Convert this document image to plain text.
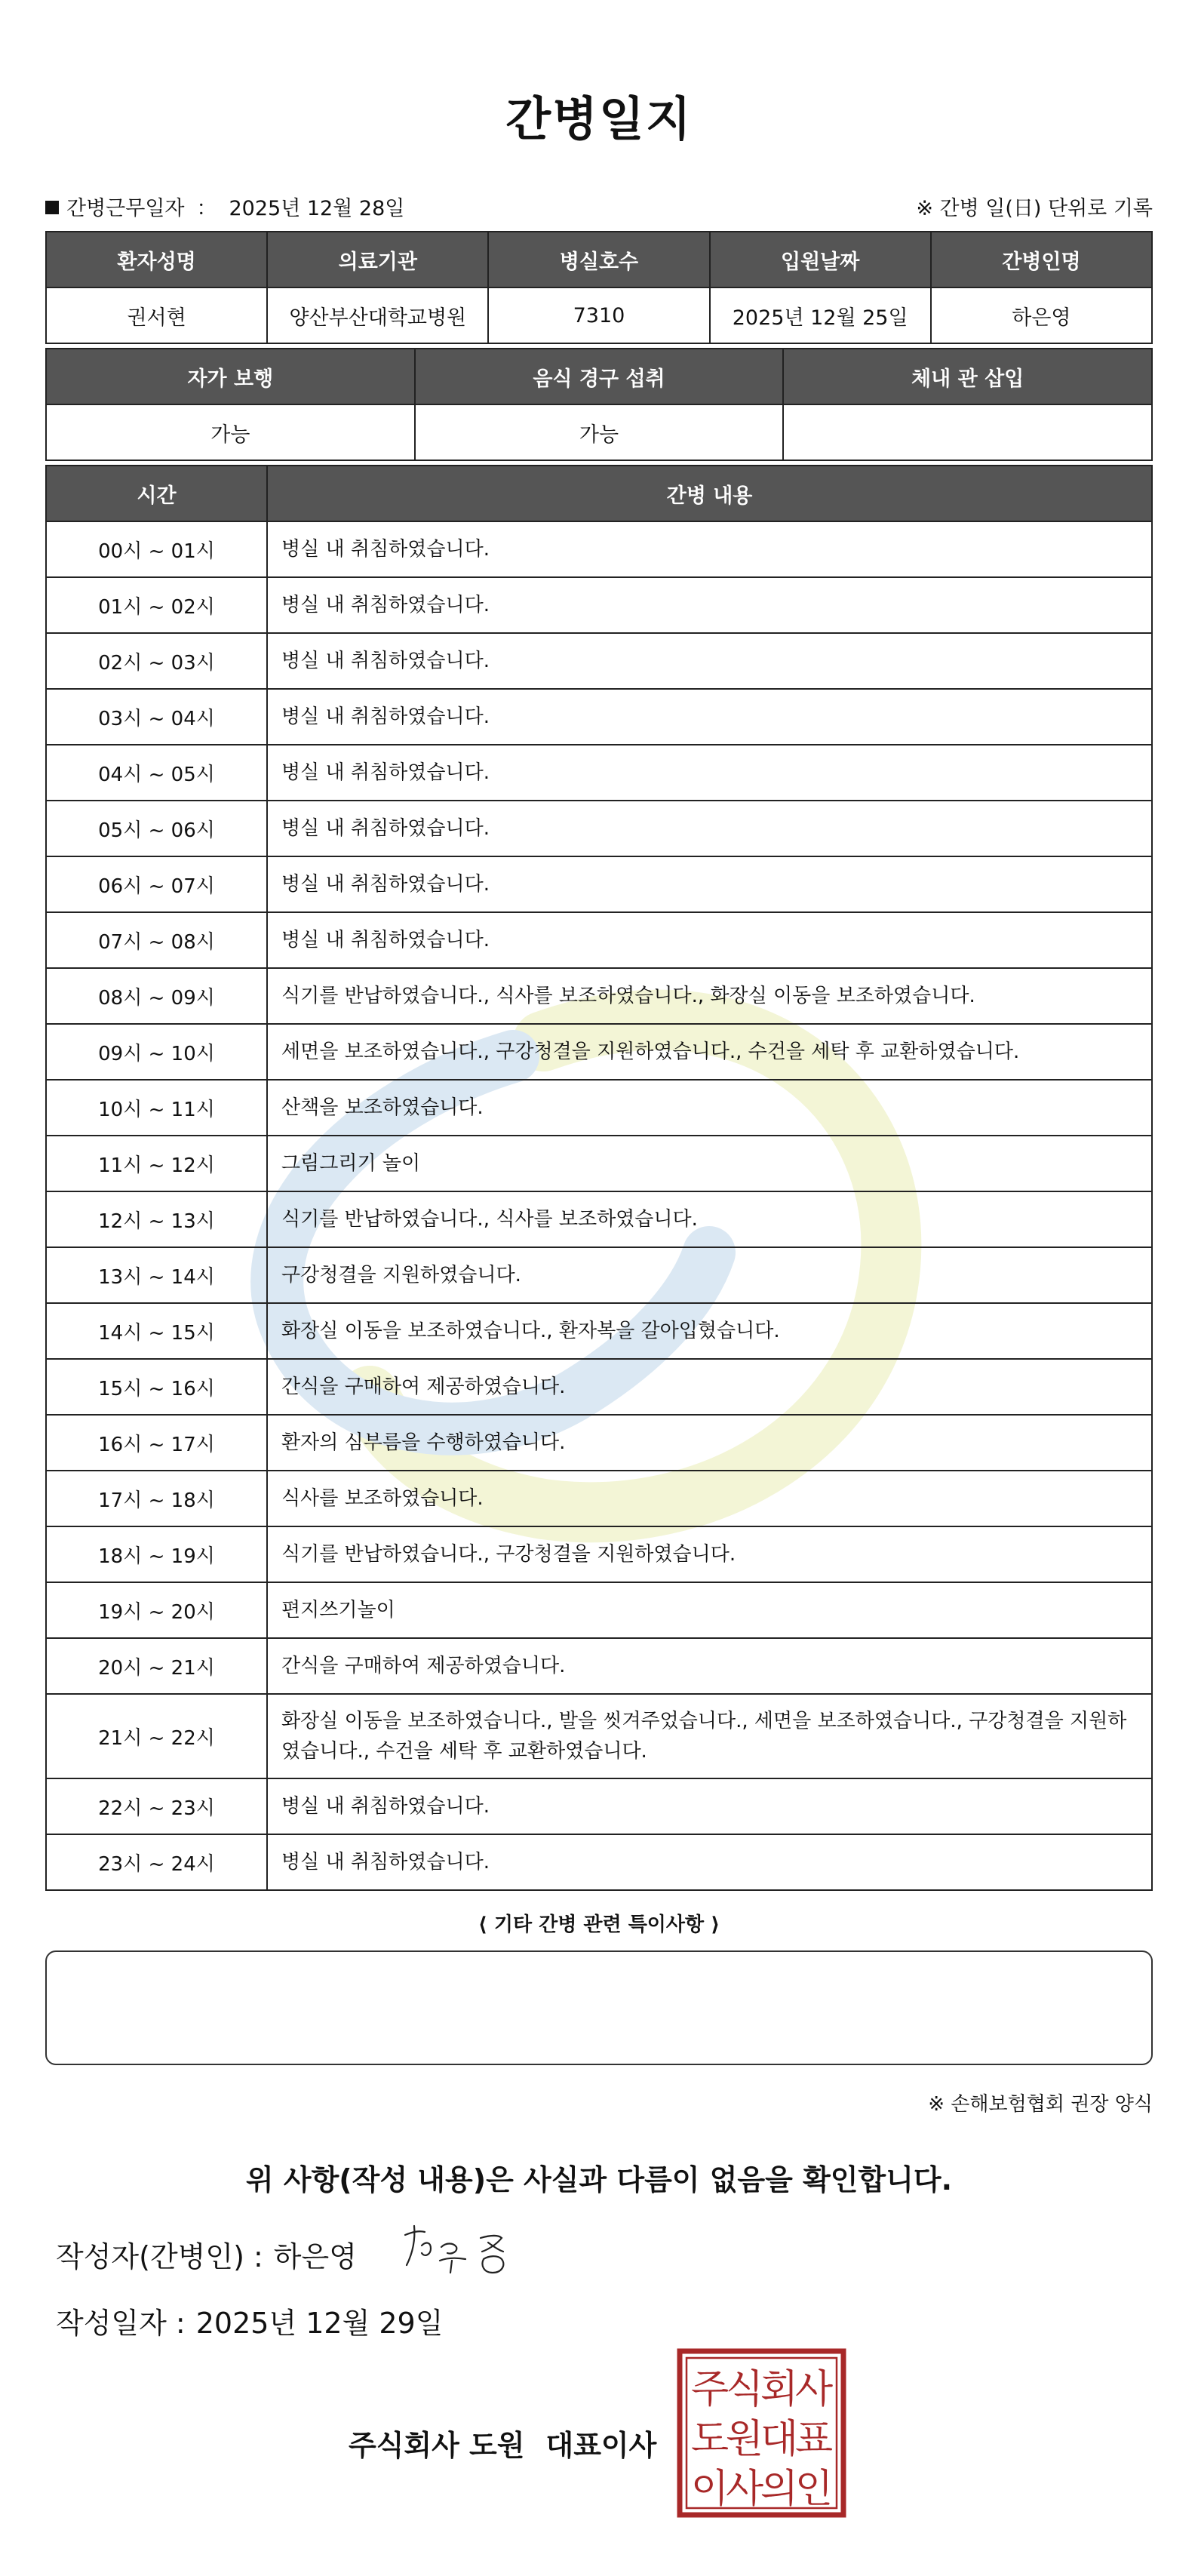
간병일지
간병근무일자 ： 2025년 12월 28일	※ 간병 일(日) 단위로 기록
환자성명	의료기관	병실호수	입원날짜	간병인명
권서현	양산부산대학교병원	7310	2025년 12월 25일	하은영
자가 보행	음식 경구 섭취	체내 관 삽입
가능	가능	
시간	간병 내용
00시 ~ 01시	병실 내 취침하였습니다.
01시 ~ 02시	병실 내 취침하였습니다.
02시 ~ 03시	병실 내 취침하였습니다.
03시 ~ 04시	병실 내 취침하였습니다.
04시 ~ 05시	병실 내 취침하였습니다.
05시 ~ 06시	병실 내 취침하였습니다.
06시 ~ 07시	병실 내 취침하였습니다.
07시 ~ 08시	병실 내 취침하였습니다.
08시 ~ 09시	식기를 반납하였습니다., 식사를 보조하였습니다., 화장실 이동을 보조하였습니다.
09시 ~ 10시	세면을 보조하였습니다., 구강청결을 지원하였습니다., 수건을 세탁 후 교환하였습니다.
10시 ~ 11시	산책을 보조하였습니다.
11시 ~ 12시	그림그리기 놀이
12시 ~ 13시	식기를 반납하였습니다., 식사를 보조하였습니다.
13시 ~ 14시	구강청결을 지원하였습니다.
14시 ~ 15시	화장실 이동을 보조하였습니다., 환자복을 갈아입혔습니다.
15시 ~ 16시	간식을 구매하여 제공하였습니다.
16시 ~ 17시	환자의 심부름을 수행하였습니다.
17시 ~ 18시	식사를 보조하였습니다.
18시 ~ 19시	식기를 반납하였습니다., 구강청결을 지원하였습니다.
19시 ~ 20시	편지쓰기놀이
20시 ~ 21시	간식을 구매하여 제공하였습니다.
21시 ~ 22시	화장실 이동을 보조하였습니다., 발을 씻겨주었습니다., 세면을 보조하였습니다., 구강청결을 지원하였습니다., 수건을 세탁 후 교환하였습니다.
22시 ~ 23시	병실 내 취침하였습니다.
23시 ~ 24시	병실 내 취침하였습니다.
⟨ 기타 간병 관련 특이사항 ⟩
※ 손해보험협회 권장 양식
위 사항(작성 내용)은 사실과 다름이 없음을 확인합니다.
작성자(간병인) : 하은영
작성일자 : 2025년 12월 29일
주식회사 도원 대표이사
주
식
회
사
도
원
대
표
이
사
의
인
